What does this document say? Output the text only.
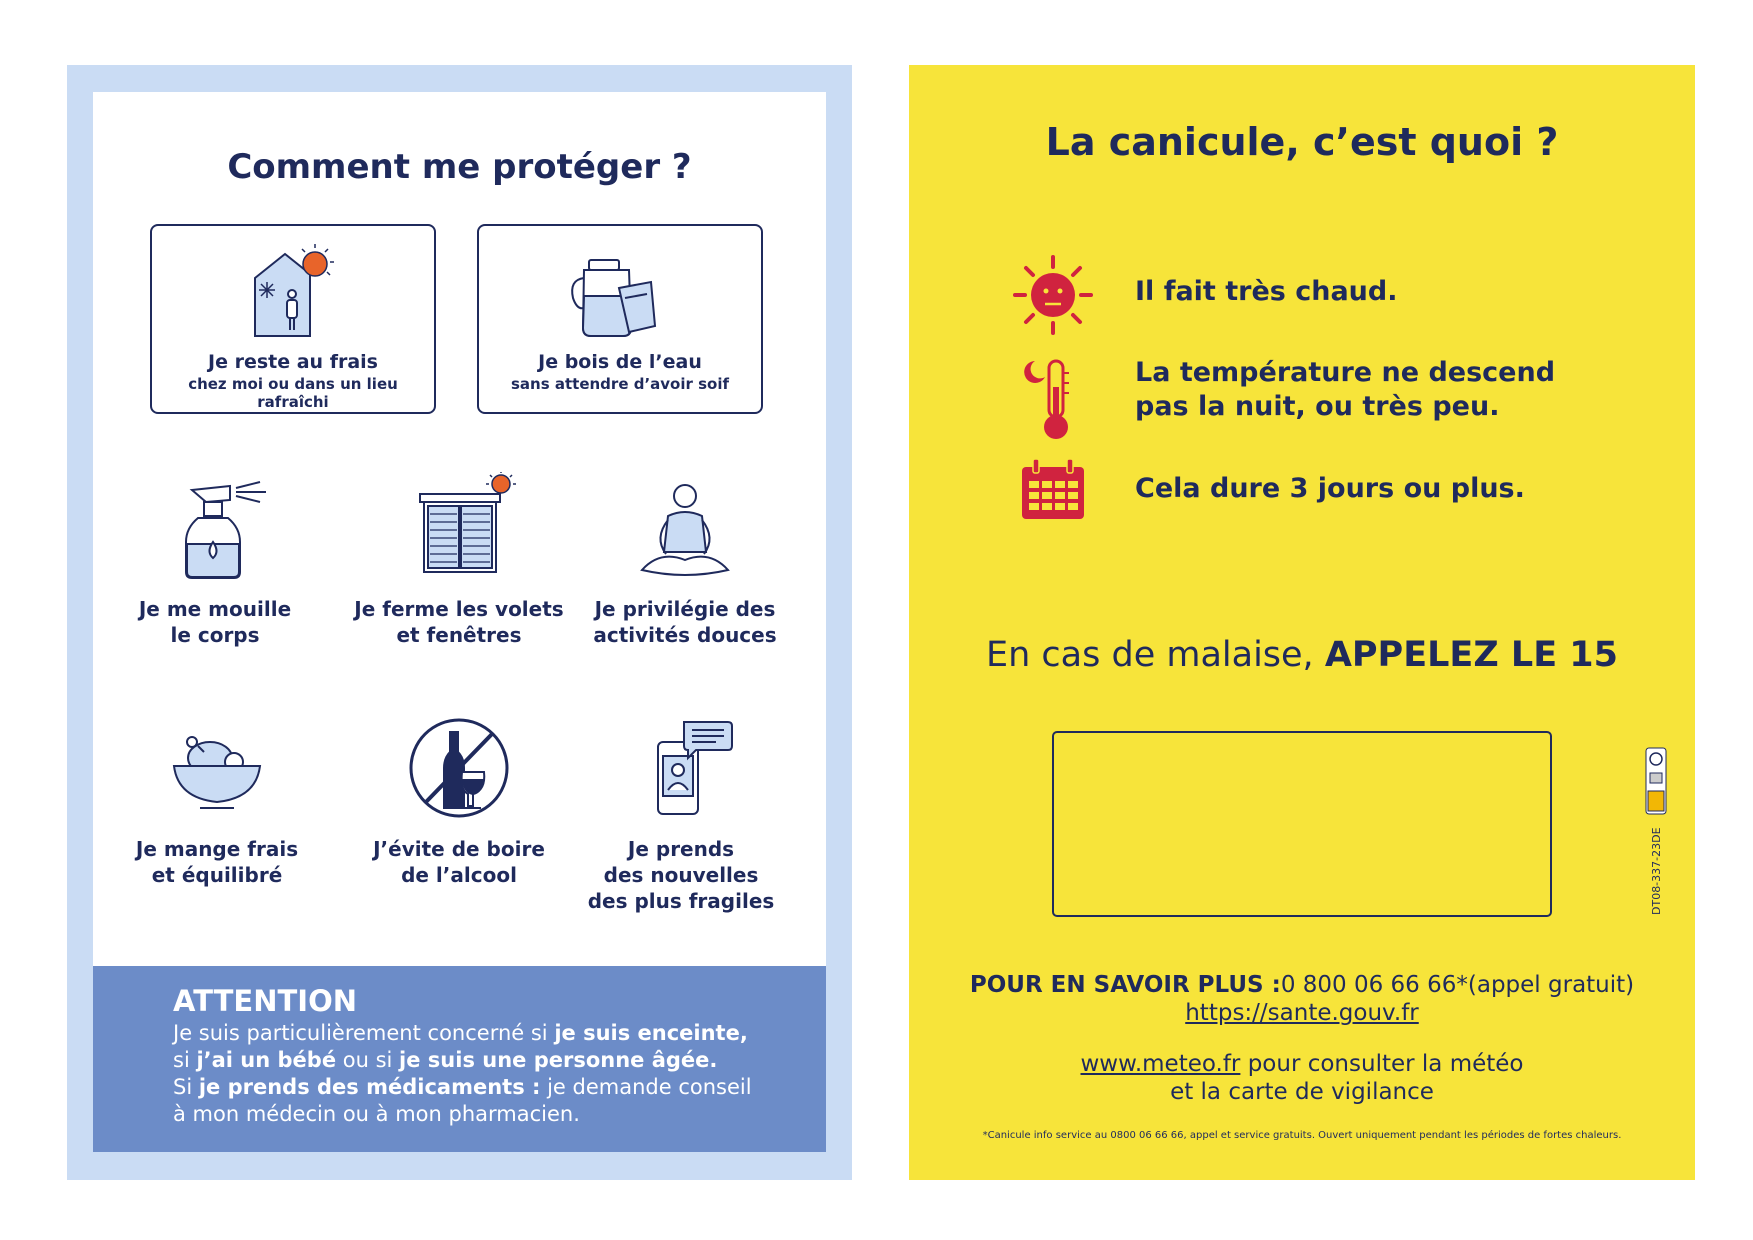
Comment me protéger ?
Je reste au frais
chez moi ou dans un lieu rafraîchi
Je bois de l’eau
sans attendre d’avoir soif
Je me mouille
le corps
Je ferme les volets
et fenêtres
Je privilégie des
activités douces
Je mange frais
et équilibré
J’évite de boire
de l’alcool
Je prends
des nouvelles
des plus fragiles
ATTENTION
Je suis particulièrement concerné si je suis enceinte,
si j’ai un bébé ou si je suis une personne âgée.
Si je prends des médicaments : je demande conseil
à mon médecin ou à mon pharmacien.
La canicule, c’est quoi ?
Il fait très chaud.
La température ne descend
pas la nuit, ou très peu.
Cela dure 3 jours ou plus.
En cas de malaise, APPELEZ LE 15
POUR EN SAVOIR PLUS :0 800 06 66 66*(appel gratuit)
https://sante.gouv.fr
www.meteo.fr pour consulter la météo
et la carte de vigilance
*Canicule info service au 0800 06 66 66, appel et service gratuits. Ouvert uniquement pendant les périodes de fortes chaleurs.
DT08-337-23DE
